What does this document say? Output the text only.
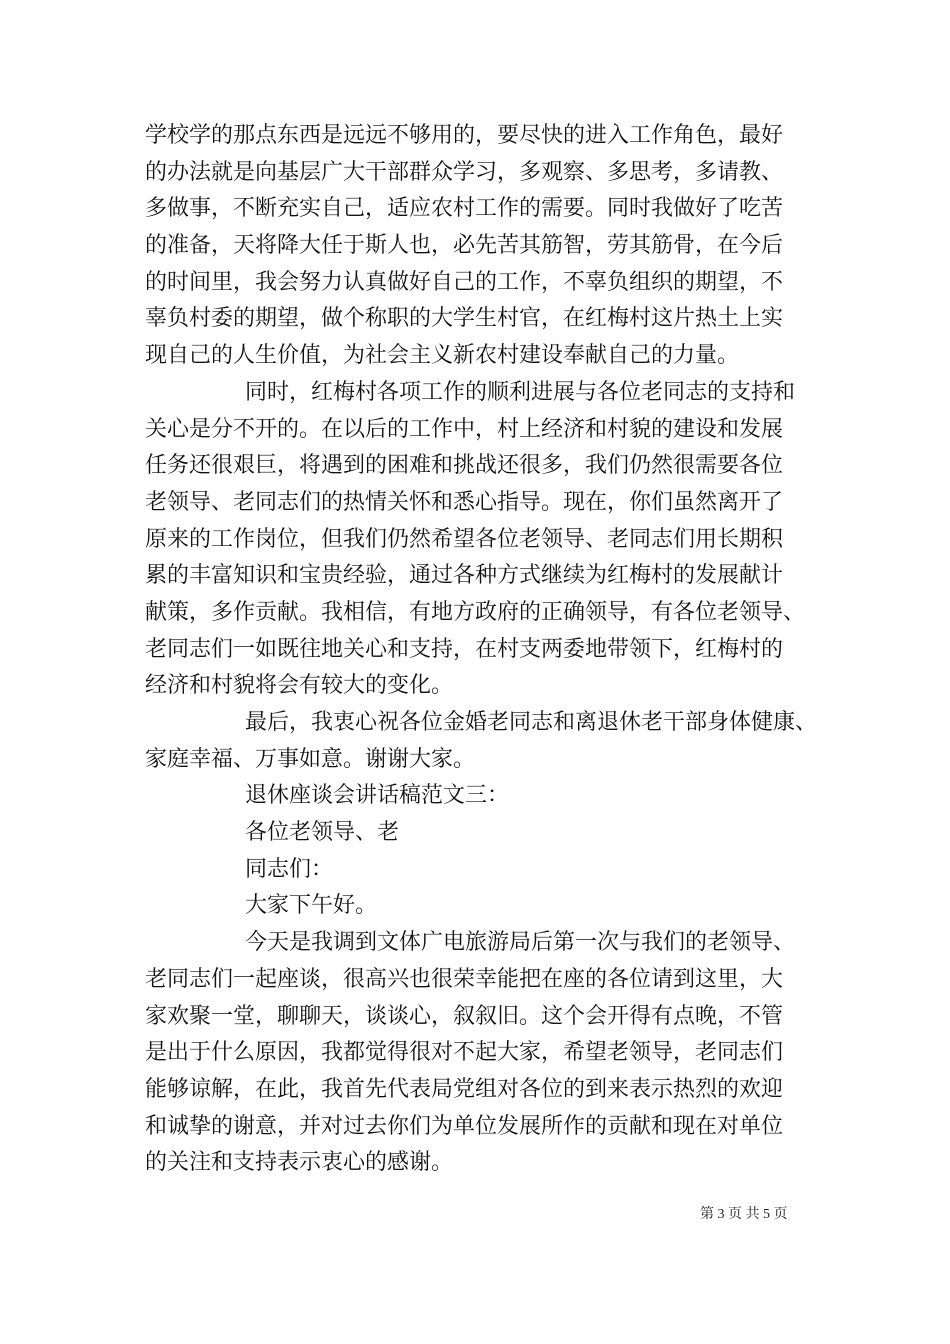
学校学的那点东西是远远不够用的，要尽快的进入工作角色，最好
的办法就是向基层广大干部群众学习，多观察、多思考，多请教、
多做事，不断充实自己，适应农村工作的需要。同时我做好了吃苦
的准备，天将降大任于斯人也，必先苦其筋智，劳其筋骨，在今后
的时间里，我会努力认真做好自己的工作，不辜负组织的期望，不
辜负村委的期望，做个称职的大学生村官，在红梅村这片热土上实
现自己的人生价值，为社会主义新农村建设奉献自己的力量。
同时，红梅村各项工作的顺利进展与各位老同志的支持和
关心是分不开的。在以后的工作中，村上经济和村貌的建设和发展
任务还很艰巨，将遇到的困难和挑战还很多，我们仍然很需要各位
老领导、老同志们的热情关怀和悉心指导。现在，你们虽然离开了
原来的工作岗位，但我们仍然希望各位老领导、老同志们用长期积
累的丰富知识和宝贵经验，通过各种方式继续为红梅村的发展献计
献策，多作贡献。我相信，有地方政府的正确领导，有各位老领导、
老同志们一如既往地关心和支持，在村支两委地带领下，红梅村的
经济和村貌将会有较大的变化。
最后，我衷心祝各位金婚老同志和离退休老干部身体健康、
家庭幸福、万事如意。谢谢大家。
退休座谈会讲话稿范文三：
各位老领导、老
同志们：
大家下午好。
今天是我调到文体广电旅游局后第一次与我们的老领导、
老同志们一起座谈，很高兴也很荣幸能把在座的各位请到这里，大
家欢聚一堂，聊聊天，谈谈心，叙叙旧。这个会开得有点晚，不管
是出于什么原因，我都觉得很对不起大家，希望老领导，老同志们
能够谅解，在此，我首先代表局党组对各位的到来表示热烈的欢迎
和诚挚的谢意，并对过去你们为单位发展所作的贡献和现在对单位
的关注和支持表示衷心的感谢。
第 3 页 共 5 页
